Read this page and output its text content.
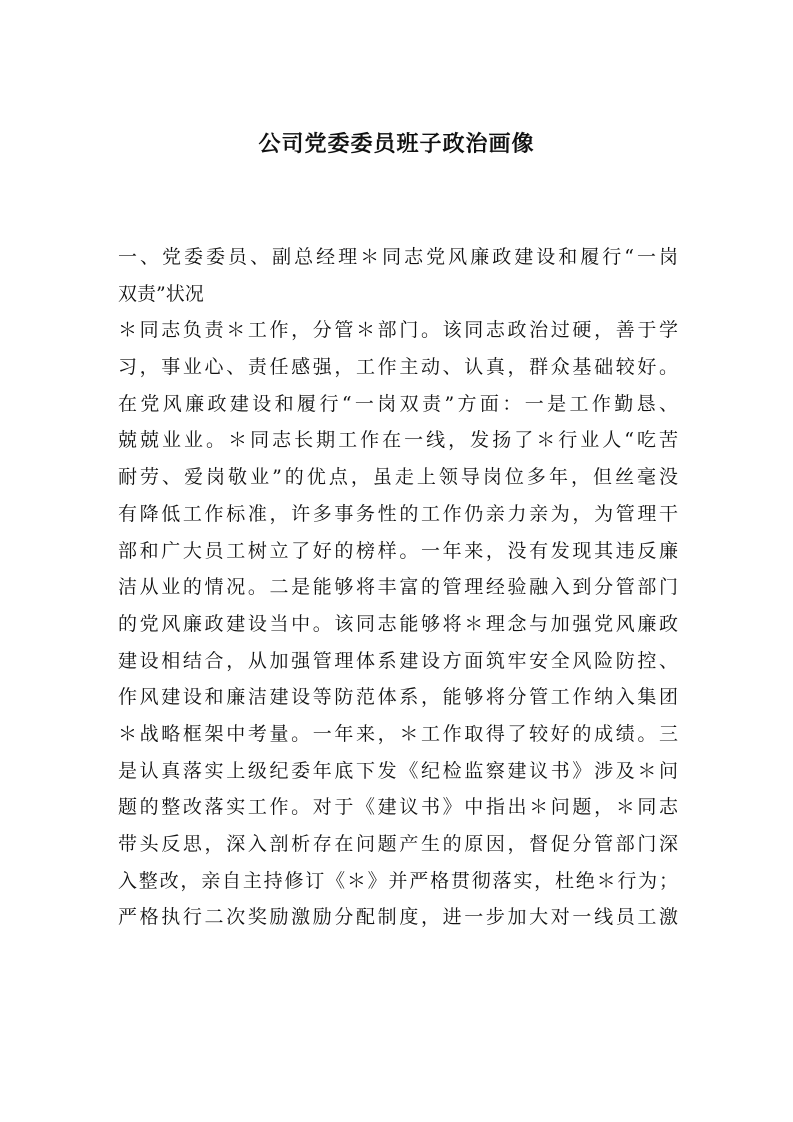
公司党委委员班子政治画像
一、党委委员、副总经理＊同志党风廉政建设和履行“一岗
双责”状况
＊同志负责＊工作，分管＊部门。该同志政治过硬，善于学
习，事业心、责任感强，工作主动、认真，群众基础较好。
在党风廉政建设和履行“一岗双责”方面：一是工作勤恳、
兢兢业业。＊同志长期工作在一线，发扬了＊行业人“吃苦
耐劳、爱岗敬业”的优点，虽走上领导岗位多年，但丝毫没
有降低工作标准，许多事务性的工作仍亲力亲为，为管理干
部和广大员工树立了好的榜样。一年来，没有发现其违反廉
洁从业的情况。二是能够将丰富的管理经验融入到分管部门
的党风廉政建设当中。该同志能够将＊理念与加强党风廉政
建设相结合，从加强管理体系建设方面筑牢安全风险防控、
作风建设和廉洁建设等防范体系，能够将分管工作纳入集团
＊战略框架中考量。一年来，＊工作取得了较好的成绩。三
是认真落实上级纪委年底下发《纪检监察建议书》涉及＊问
题的整改落实工作。对于《建议书》中指出＊问题，＊同志
带头反思，深入剖析存在问题产生的原因，督促分管部门深
入整改，亲自主持修订《＊》并严格贯彻落实，杜绝＊行为；
严格执行二次奖励激励分配制度，进一步加大对一线员工激
